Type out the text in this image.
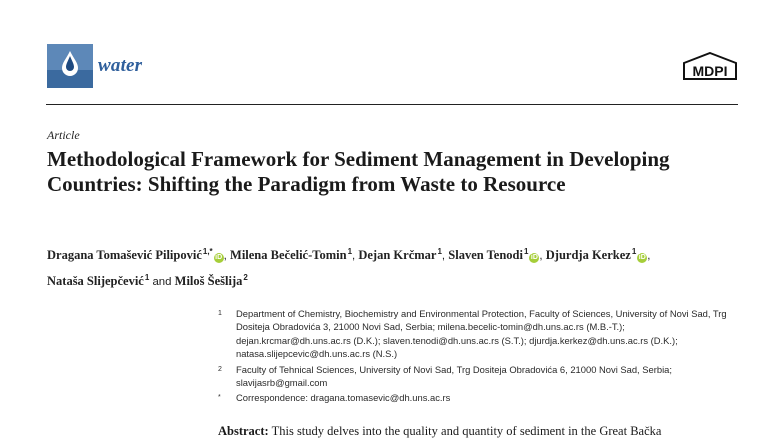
water	MDPI
Article
Methodological Framework for Sediment Management in Developing Countries: Shifting the Paradigm from Waste to Resource
Dragana Tomašević Pilipović$^{1,*}$iD , Milena Bečelić-Tomin$^1$, Dejan Krčmar$^1$, Slaven Tenodi$^1$iD , Djurdja Kerkez$^1$iD ,
Nataša Slijepčević$^1$ and Miloš Šešlija$^2$
1 Department of Chemistry, Biochemistry and Environmental Protection, Faculty of Sciences, University of Novi Sad, Trg Dositeja Obradovića 3, 21000 Novi Sad, Serbia; milena.becelic-tomin@dh.uns.ac.rs (M.B.-T.); dejan.krcmar@dh.uns.ac.rs (D.K.); slaven.tenodi@dh.uns.ac.rs (S.T.); djurdja.kerkez@dh.uns.ac.rs (D.K.); natasa.slijepcevic@dh.uns.ac.rs (N.S.)
2 Faculty of Tehnical Sciences, University of Novi Sad, Trg Dositeja Obradovića 6, 21000 Novi Sad, Serbia; slavijasrb@gmail.com
* Correspondence: dragana.tomasevic@dh.uns.ac.rs
Abstract: This study delves into the quality and quantity of sediment in the Great Bačka
